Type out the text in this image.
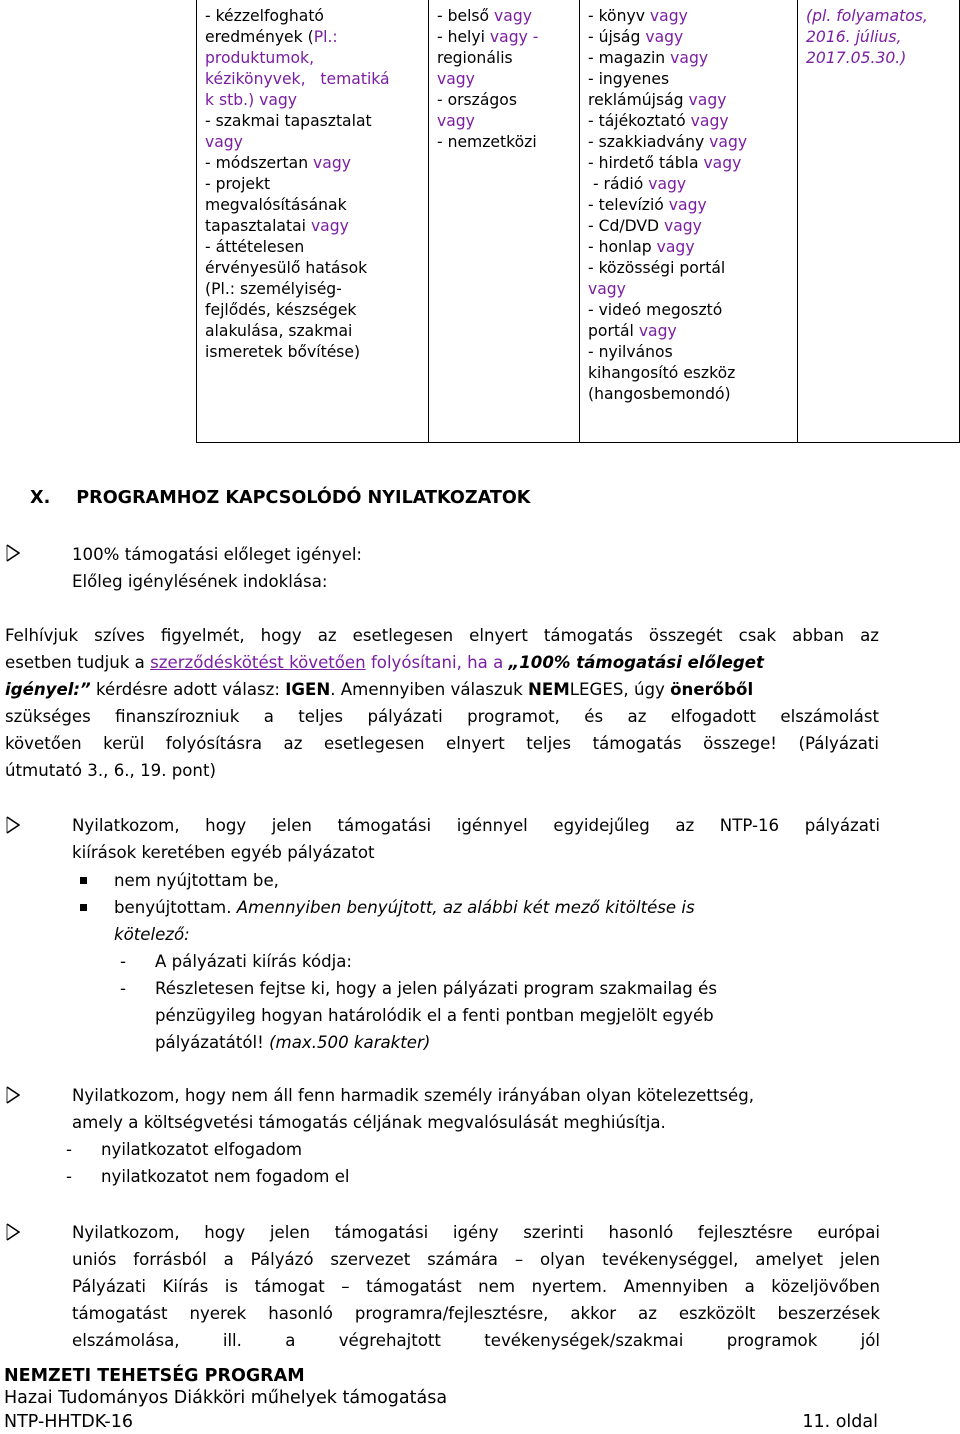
- kézzelfogható
eredmények (Pl.:
produktumok,
kézikönyvek,   tematiká
k stb.) vagy
- szakmai tapasztalat
vagy
- módszertan vagy
- projekt
megvalósításának
tapasztalatai vagy
- áttételesen
érvényesülő hatások
(Pl.: személyiség-
fejlődés, készségek
alakulása, szakmai
ismeretek bővítése)
- belső vagy
- helyi vagy -
regionális
vagy
- országos
vagy
- nemzetközi
- könyv vagy
- újság vagy
- magazin vagy
- ingyenes
reklámújság vagy
- tájékoztató vagy
- szakkiadvány vagy
- hirdető tábla vagy
- rádió vagy
- televízió vagy
- Cd/DVD vagy
- honlap vagy
- közösségi portál
vagy
- videó megosztó
portál vagy
- nyilvános
kihangosító eszköz
(hangosbemondó)
(pl. folyamatos,
2016. július,
2017.05.30.)
X. PROGRAMHOZ KAPCSOLÓDÓ NYILATKOZATOK
100% támogatási előleget igényel:
Előleg igénylésének indoklása:
Felhívjuk szíves figyelmét, hogy az esetlegesen elnyert támogatás összegét csak abban az
esetben tudjuk a szerződéskötést követően folyósítani, ha a „100% támogatási előleget
igényel:” kérdésre adott válasz: IGEN. Amennyiben válaszuk NEMLEGES, úgy önerőből
szükséges finanszírozniuk a teljes pályázati programot, és az elfogadott elszámolást
követően kerül folyósításra az esetlegesen elnyert teljes támogatás összege! (Pályázati
útmutató 3., 6., 19. pont)
Nyilatkozom, hogy jelen támogatási igénnyel egyidejűleg az NTP-16 pályázati
kiírások keretében egyéb pályázatot
nem nyújtottam be,
benyújtottam. Amennyiben benyújtott, az alábbi két mező kitöltése is
kötelező:
- A pályázati kiírás kódja:
- Részletesen fejtse ki, hogy a jelen pályázati program szakmailag és
pénzügyileg hogyan határolódik el a fenti pontban megjelölt egyéb
pályázatától! (max.500 karakter)
Nyilatkozom, hogy nem áll fenn harmadik személy irányában olyan kötelezettség,
amely a költségvetési támogatás céljának megvalósulását meghiúsítja.
- nyilatkozatot elfogadom
- nyilatkozatot nem fogadom el
Nyilatkozom, hogy jelen támogatási igény szerinti hasonló fejlesztésre európai
uniós forrásból a Pályázó szervezet számára – olyan tevékenységgel, amelyet jelen
Pályázati Kiírás is támogat – támogatást nem nyertem. Amennyiben a közeljövőben
támogatást nyerek hasonló programra/fejlesztésre, akkor az eszközölt beszerzések
elszámolása, ill. a végrehajtott tevékenységek/szakmai programok jól
NEMZETI TEHETSÉG PROGRAM
Hazai Tudományos Diákköri műhelyek támogatása
NTP-HHTDK-16	11. oldal
